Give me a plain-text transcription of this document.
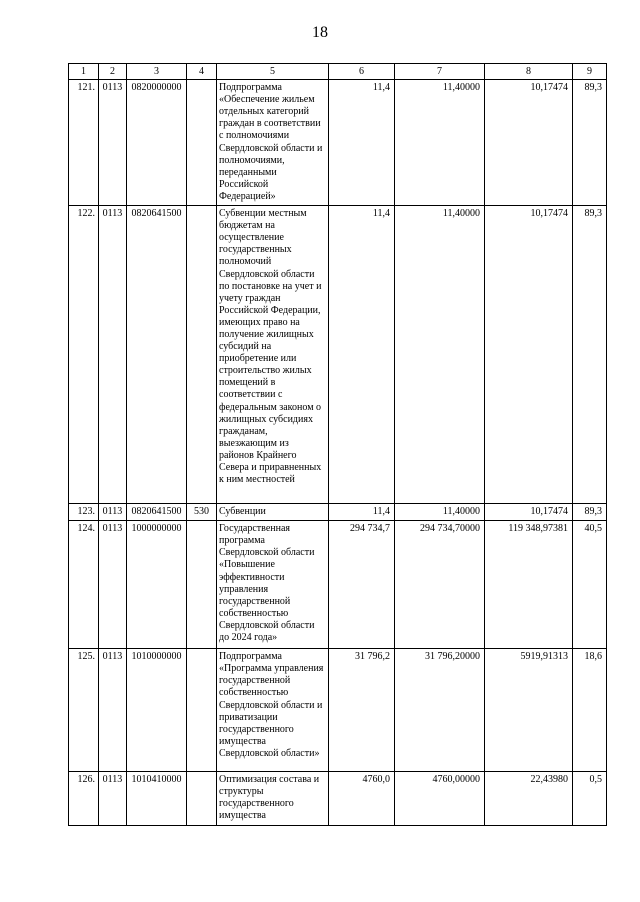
18
1	2	3	4	5	6	7	8	9
121.	0113	0820000000		Подпрограмма «Обеспечение жильем отдельных категорий граждан в соответствии с полномочиями Свердловской области и полномочиями, переданными Российской Федерацией»	11,4	11,40000	10,17474	89,3
122.	0113	0820641500		Субвенции местным бюджетам на осуществление государственных полномочий Свердловской области по постановке на учет и учету граждан Российской Федерации, имеющих право на получение жилищных субсидий на приобретение или строительство жилых помещений в соответствии с федеральным законом о жилищных субсидиях гражданам, выезжающим из районов Крайнего Севера и приравненных к ним местностей	11,4	11,40000	10,17474	89,3
123.	0113	0820641500	530	Субвенции	11,4	11,40000	10,17474	89,3
124.	0113	1000000000		Государственная программа Свердловской области «Повышение эффективности управления государственной собственностью Свердловской области до 2024 года»	294 734,7	294 734,70000	119 348,97381	40,5
125.	0113	1010000000		Подпрограмма «Программа управления государственной собственностью Свердловской области и приватизации государственного имущества Свердловской области»	31 796,2	31 796,20000	5919,91313	18,6
126.	0113	1010410000		Оптимизация состава и структуры государственного имущества	4760,0	4760,00000	22,43980	0,5
